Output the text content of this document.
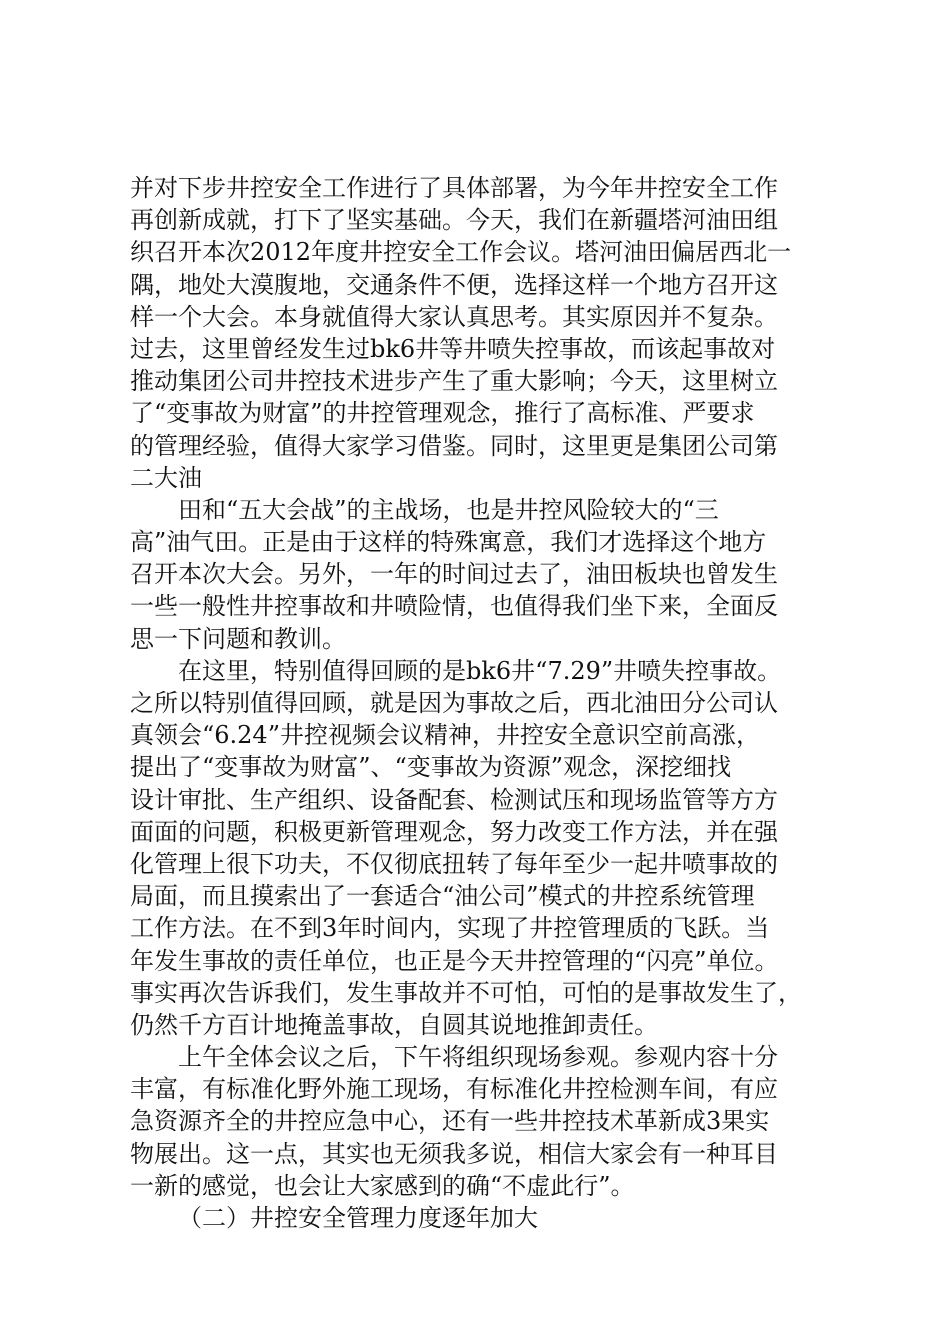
并对下步井控安全工作进行了具体部署，为今年井控安全工作
再创新成就，打下了坚实基础。今天，我们在新疆塔河油田组
织召开本次2012年度井控安全工作会议。塔河油田偏居西北一
隅，地处大漠腹地，交通条件不便，选择这样一个地方召开这
样一个大会。本身就值得大家认真思考。其实原因并不复杂。
过去，这里曾经发生过bk6井等井喷失控事故，而该起事故对
推动集团公司井控技术进步产生了重大影响；今天，这里树立
了“变事故为财富”的井控管理观念，推行了高标准、严要求
的管理经验，值得大家学习借鉴。同时，这里更是集团公司第
二大油
田和“五大会战”的主战场，也是井控风险较大的“三
高”油气田。正是由于这样的特殊寓意，我们才选择这个地方
召开本次大会。另外，一年的时间过去了，油田板块也曾发生
一些一般性井控事故和井喷险情，也值得我们坐下来，全面反
思一下问题和教训。
在这里，特别值得回顾的是bk6井“7.29”井喷失控事故。
之所以特别值得回顾，就是因为事故之后，西北油田分公司认
真领会“6.24”井控视频会议精神，井控安全意识空前高涨，
提出了“变事故为财富”、“变事故为资源”观念，深挖细找
设计审批、生产组织、设备配套、检测试压和现场监管等方方
面面的问题，积极更新管理观念，努力改变工作方法，并在强
化管理上很下功夫，不仅彻底扭转了每年至少一起井喷事故的
局面，而且摸索出了一套适合“油公司”模式的井控系统管理
工作方法。在不到3年时间内，实现了井控管理质的飞跃。当
年发生事故的责任单位，也正是今天井控管理的“闪亮”单位。
事实再次告诉我们，发生事故并不可怕，可怕的是事故发生了，
仍然千方百计地掩盖事故，自圆其说地推卸责任。
上午全体会议之后，下午将组织现场参观。参观内容十分
丰富，有标准化野外施工现场，有标准化井控检测车间，有应
急资源齐全的井控应急中心，还有一些井控技术革新成3果实
物展出。这一点，其实也无须我多说，相信大家会有一种耳目
一新的感觉，也会让大家感到的确“不虚此行”。
（二）井控安全管理力度逐年加大
